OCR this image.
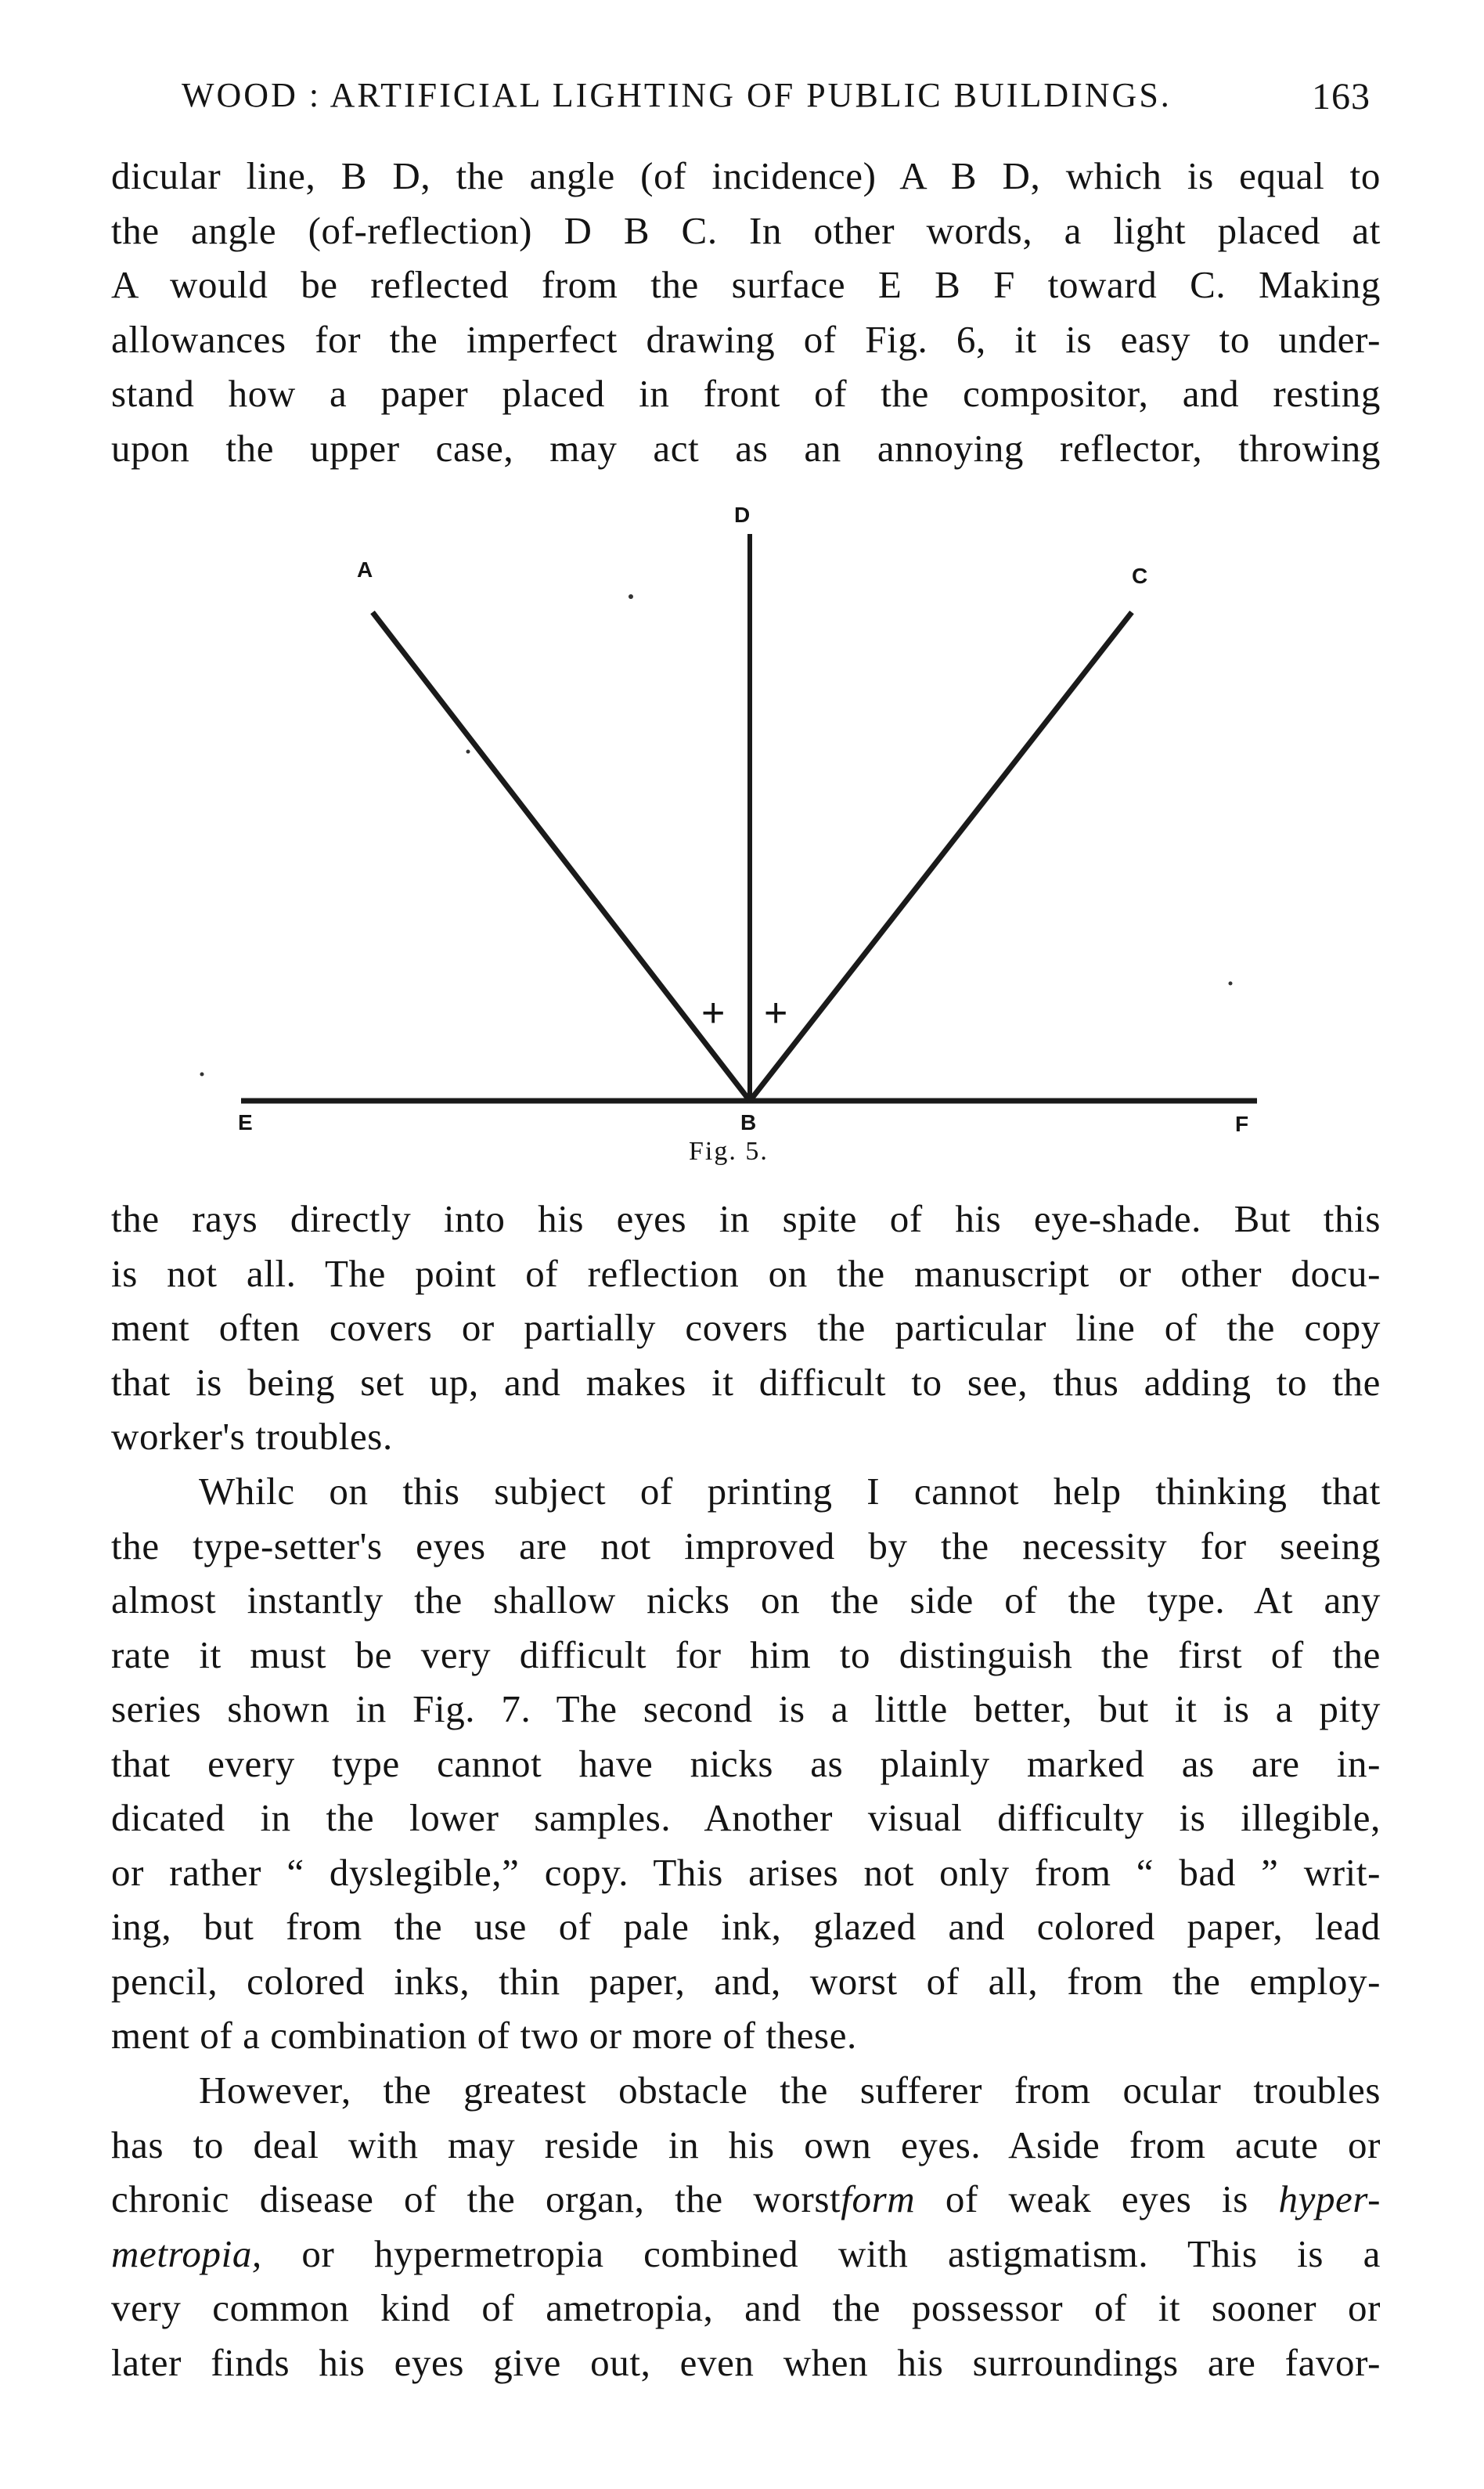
WOOD : ARTIFICIAL LIGHTING OF PUBLIC BUILDINGS.	163
dicular line, B D, the angle (of incidence) A B D, which is equal to
the angle (of-reflection) D B C. In other words, a light placed at
A would be reflected from the surface E B F toward C. Making
allowances for the imperfect drawing of Fig. 6, it is easy to under-
stand how a paper placed in front of the compositor, and resting
upon the upper case, may act as an annoying reflector, throwing
D
A	C
E	B	F
+ +
Fig. 5.
the rays directly into his eyes in spite of his eye-shade. But this
is not all. The point of reflection on the manuscript or other docu-
ment often covers or partially covers the particular line of the copy
that is being set up, and makes it difficult to see, thus adding to the
worker's troubles.
Whilc on this subject of printing I cannot help thinking that
the type-setter's eyes are not improved by the necessity for seeing
almost instantly the shallow nicks on the side of the type. At any
rate it must be very difficult for him to distinguish the first of the
series shown in Fig. 7. The second is a little better, but it is a pity
that every type cannot have nicks as plainly marked as are in-
dicated in the lower samples. Another visual difficulty is illegible,
or rather “ dyslegible,” copy. This arises not only from “ bad ” writ-
ing, but from the use of pale ink, glazed and colored paper, lead
pencil, colored inks, thin paper, and, worst of all, from the employ-
ment of a combination of two or more of these.
However, the greatest obstacle the sufferer from ocular troubles
has to deal with may reside in his own eyes. Aside from acute or
chronic disease of the organ, the worstform of weak eyes is hyper-
metropia, or hypermetropia combined with astigmatism. This is a
very common kind of ametropia, and the possessor of it sooner or
later finds his eyes give out, even when his surroundings are favor-
